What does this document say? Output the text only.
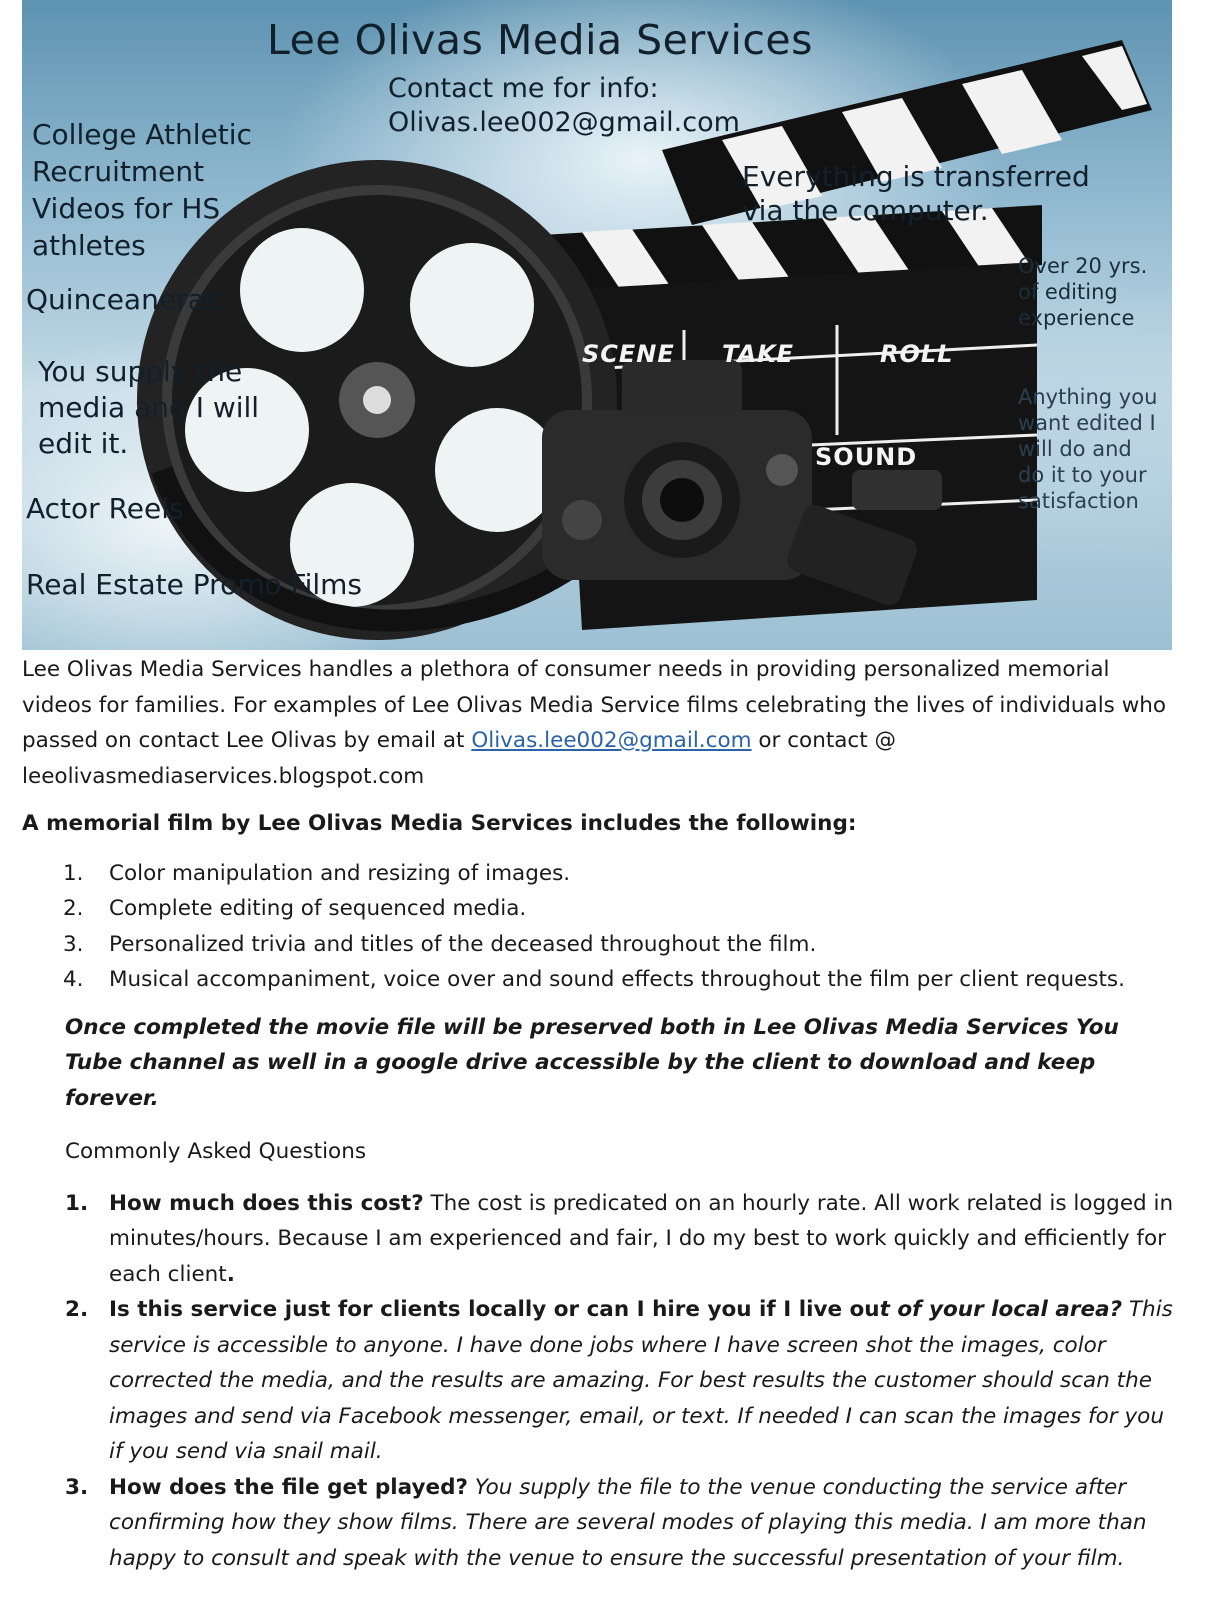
Lee Olivas Media Services

Contact me for info:
Olivas.lee002@gmail.com

College Athletic Recruitment Videos for HS athletes

Quinceaneras

You supply the media and I will edit it.

Actor Reels

Real Estate Promo Films

Everything is transferred
via the computer.

Over 20 yrs. of editing experience

Anything you want edited I will do and do it to your satisfaction

SCENE TAKE	ROLL

SOUND

Lee Olivas Media Services handles a plethora of consumer needs in providing personalized memorial videos for families. For examples of Lee Olivas Media Service films celebrating the lives of individuals who passed on contact Lee Olivas by email at Olivas.lee002@gmail.com or contact @ leeolivasmediaservices.blogspot.com

A memorial film by Lee Olivas Media Services includes the following:

1. Color manipulation and resizing of images.
2. Complete editing of sequenced media.
3. Personalized trivia and titles of the deceased throughout the film.
4. Musical accompaniment, voice over and sound effects throughout the film per client requests.

Once completed the movie file will be preserved both in Lee Olivas Media Services You Tube channel as well in a google drive accessible by the client to download and keep forever.

Commonly Asked Questions

1. How much does this cost? The cost is predicated on an hourly rate. All work related is logged in minutes/hours. Because I am experienced and fair, I do my best to work quickly and efficiently for each client.
2. Is this service just for clients locally or can I hire you if I live out of your local area? This service is accessible to anyone. I have done jobs where I have screen shot the images, color corrected the media, and the results are amazing. For best results the customer should scan the images and send via Facebook messenger, email, or text. If needed I can scan the images for you if you send via snail mail.
3. How does the file get played? You supply the file to the venue conducting the service after confirming how they show films. There are several modes of playing this media. I am more than happy to consult and speak with the venue to ensure the successful presentation of your film.
